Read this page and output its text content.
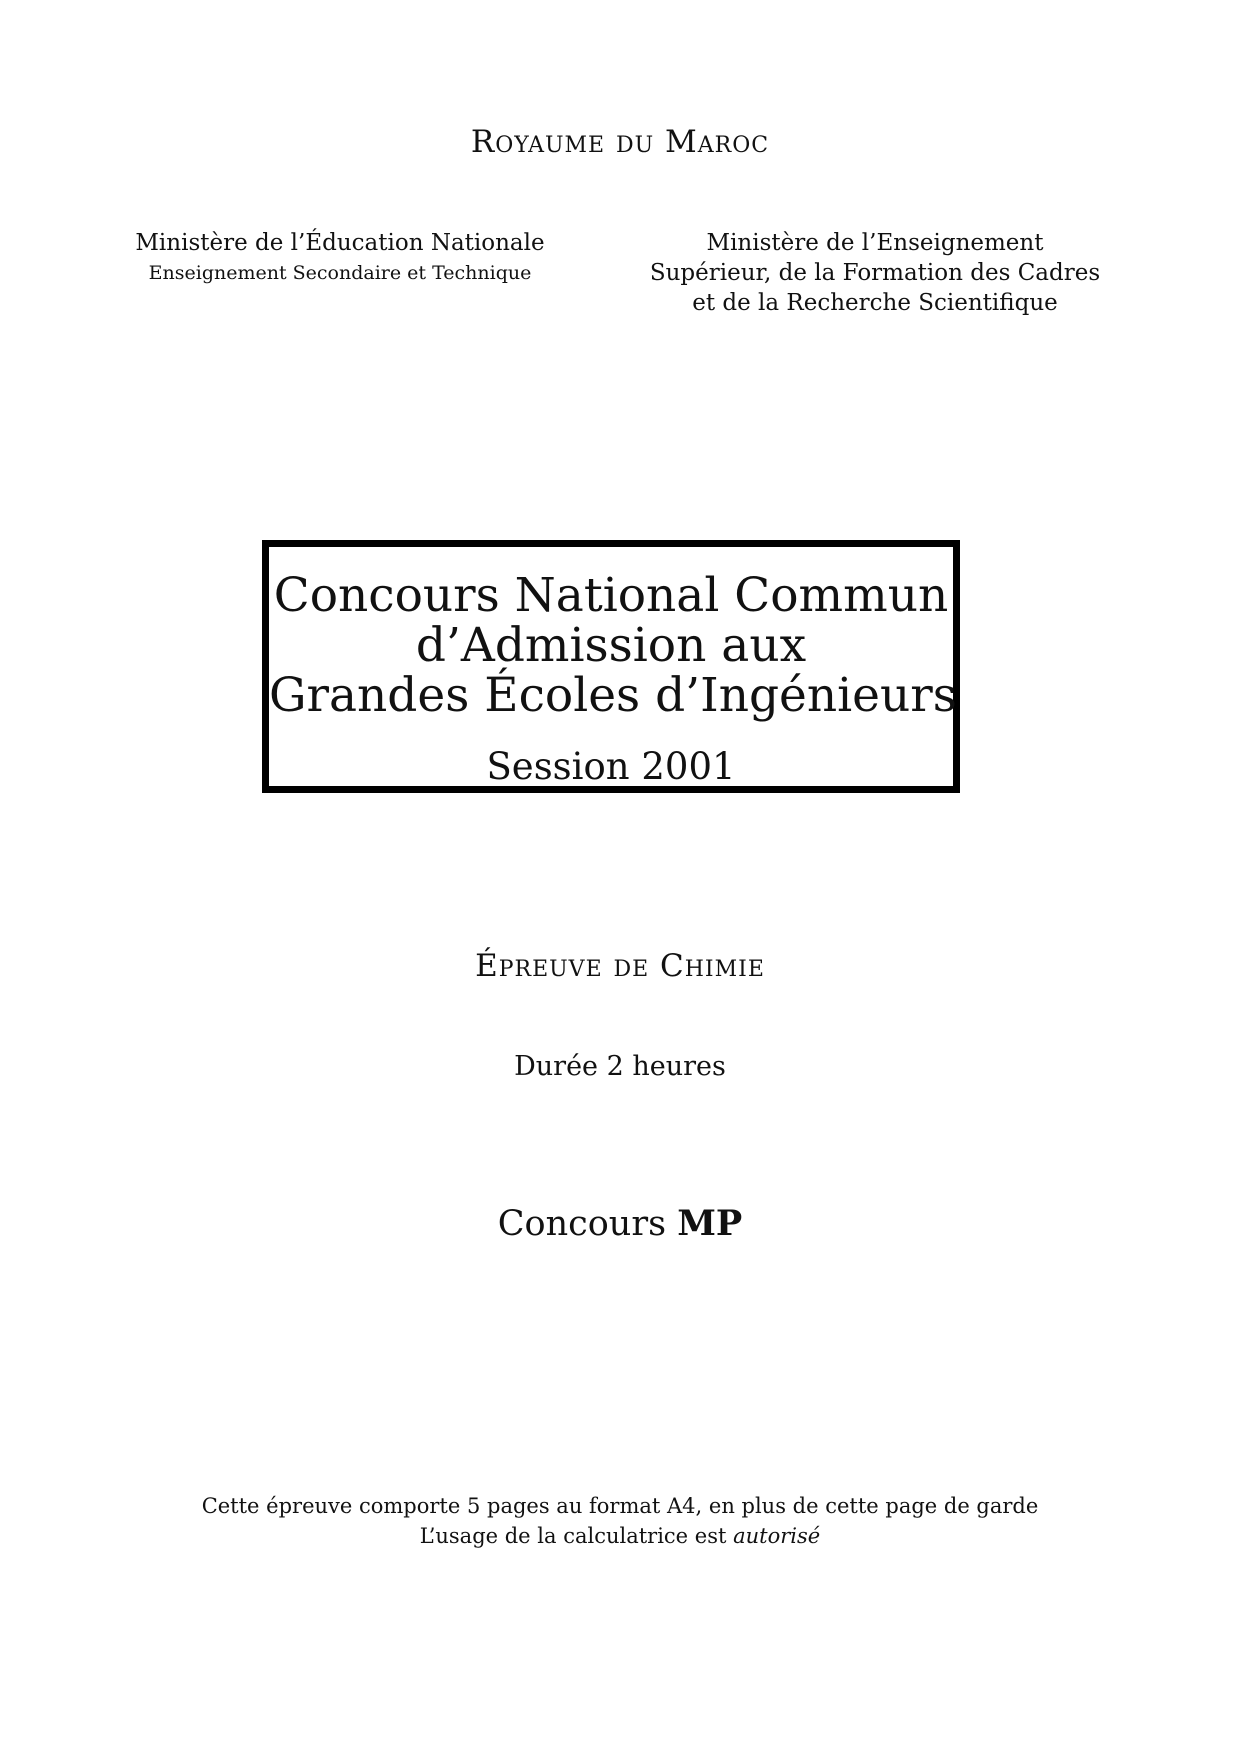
Royaume du Maroc
Ministère de l’Éducation Nationale
Enseignement Secondaire et Technique
Ministère de l’Enseignement
Supérieur, de la Formation des Cadres
et de la Recherche Scientifique
Concours National Commun
d’Admission aux
Grandes Écoles d’Ingénieurs
Session 2001
Épreuve de Chimie
Durée 2 heures
Concours MP
Cette épreuve comporte 5 pages au format A4, en plus de cette page de garde
L’usage de la calculatrice est autorisé
